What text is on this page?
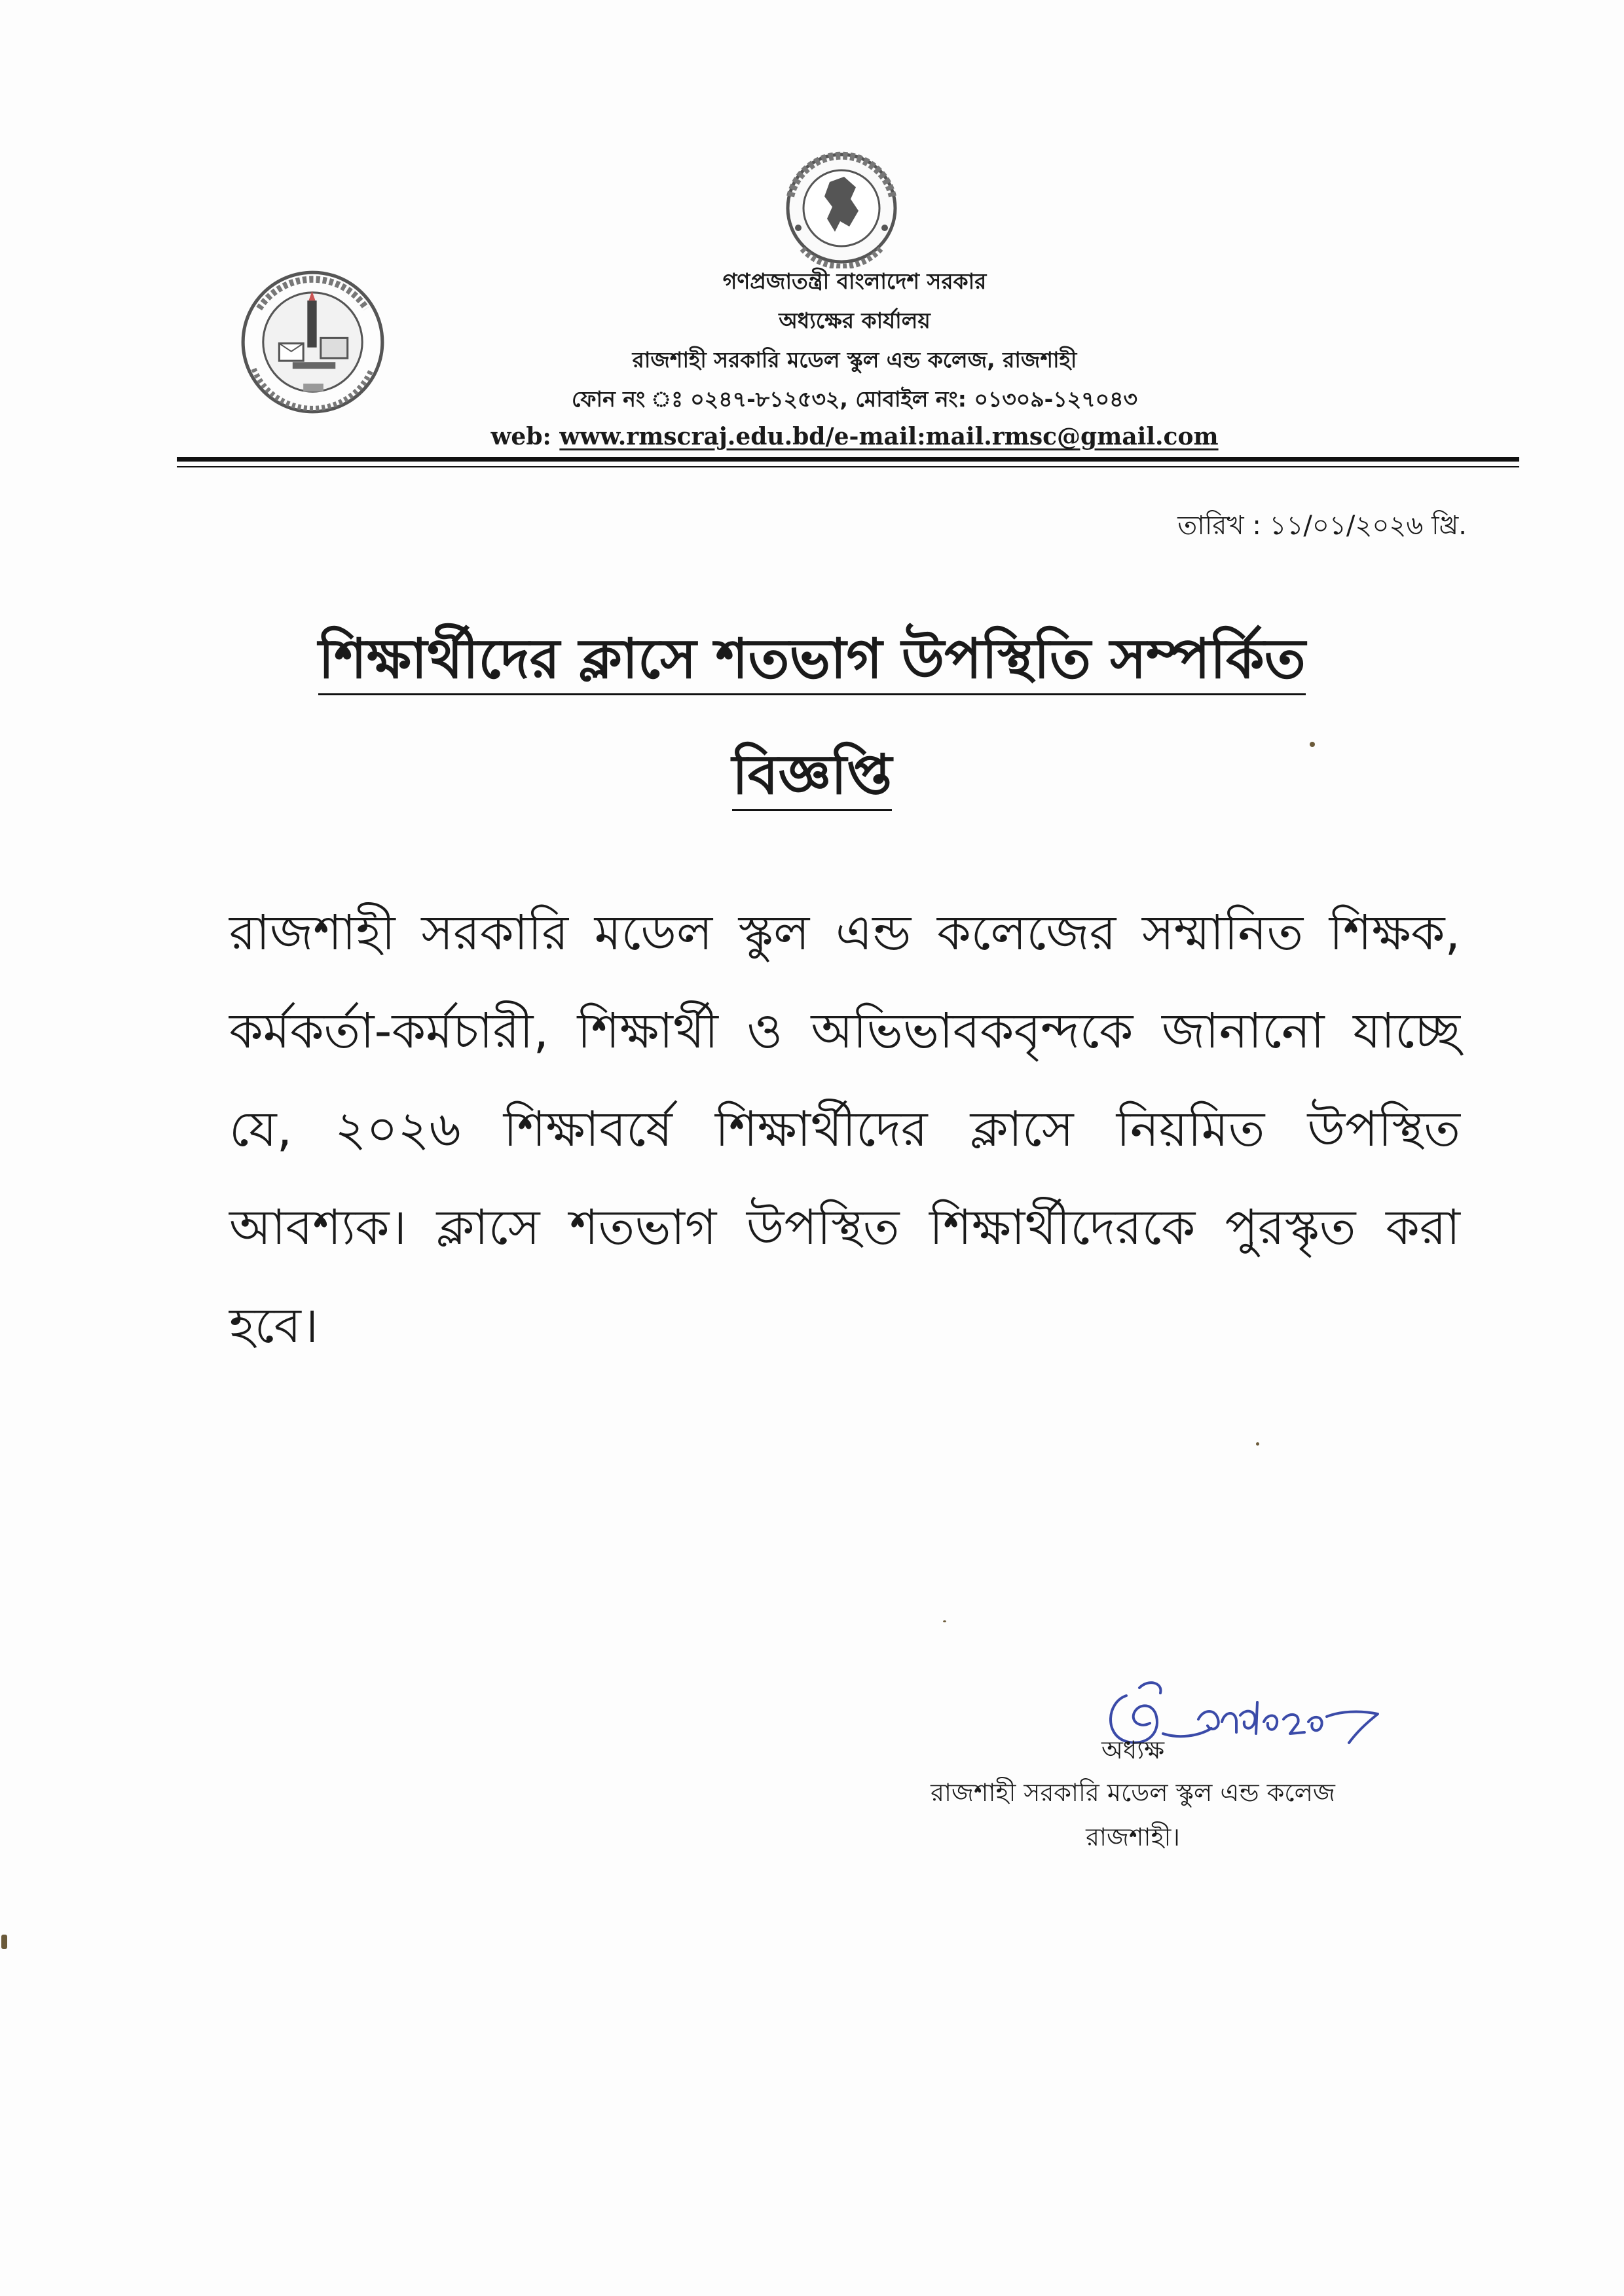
গণপ্রজাতন্ত্রী বাংলাদেশ সরকার
অধ্যক্ষের কার্যালয়
রাজশাহী সরকারি মডেল স্কুল এন্ড কলেজ, রাজশাহী
ফোন নং ঃ ০২৪৭-৮১২৫৩২, মোবাইল নং: ০১৩০৯-১২৭০৪৩
web: www.rmscraj.edu.bd/e-mail:mail.rmsc@gmail.com
তারিখ : ১১/০১/২০২৬ খ্রি.
শিক্ষার্থীদের ক্লাসে শতভাগ উপস্থিতি সম্পর্কিত
বিজ্ঞপ্তি
রাজশাহী সরকারি মডেল স্কুল এন্ড কলেজের সম্মানিত শিক্ষক, কর্মকর্তা-কর্মচারী, শিক্ষার্থী ও অভিভাবকবৃন্দকে জানানো যাচ্ছে যে, ২০২৬ শিক্ষাবর্ষে শিক্ষার্থীদের ক্লাসে নিয়মিত উপস্থিত আবশ্যক। ক্লাসে শতভাগ উপস্থিত শিক্ষার্থীদেরকে পুরস্কৃত করা হবে।
অধ্যক্ষ
রাজশাহী সরকারি মডেল স্কুল এন্ড কলেজ
রাজশাহী।
